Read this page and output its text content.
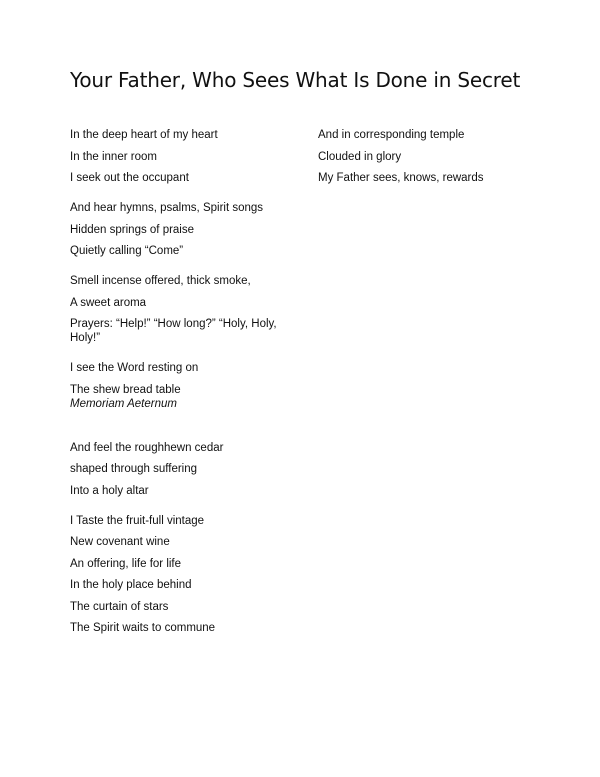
Your Father, Who Sees What Is Done in Secret
In the deep heart of my heart
In the inner room
I seek out the occupant
And hear hymns, psalms, Spirit songs
Hidden springs of praise
Quietly calling “Come”
Smell incense offered, thick smoke,
A sweet aroma
Prayers: “Help!” “How long?” “Holy, Holy, Holy!”
I see the Word resting on
The shew bread table
Memoriam Aeternum
And feel the roughhewn cedar
shaped through suffering
Into a holy altar
I Taste the fruit-full vintage
New covenant wine
An offering, life for life
In the holy place behind
The curtain of stars
The Spirit waits to commune
And in corresponding temple
Clouded in glory
My Father sees, knows, rewards
